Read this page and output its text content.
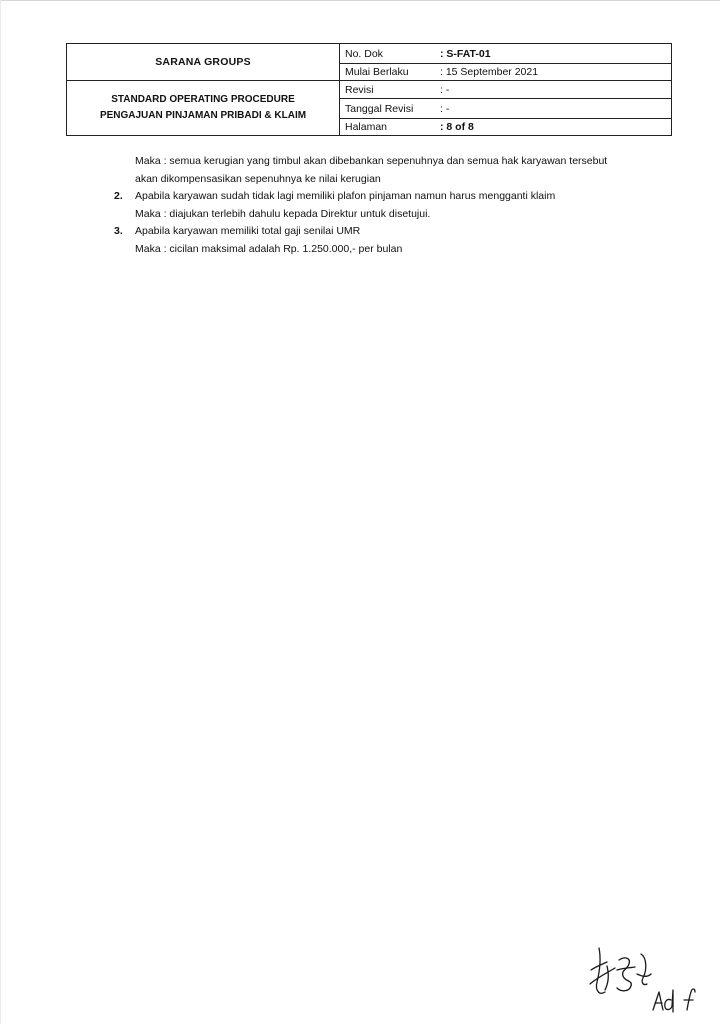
SARANA GROUPS
STANDARD OPERATING PROCEDURE
PENGAJUAN PINJAMAN PRIBADI & KLAIM
No. Dok	: S-FAT-01
Mulai Berlaku	: 15 September 2021
Revisi	: -
Tanggal Revisi	: -
Halaman	: 8 of 8
Maka : semua kerugian yang timbul akan dibebankan sepenuhnya dan semua hak karyawan tersebut
akan dikompensasikan sepenuhnya ke nilai kerugian
2. Apabila karyawan sudah tidak lagi memiliki plafon pinjaman namun harus mengganti klaim
Maka : diajukan terlebih dahulu kepada Direktur untuk disetujui.
3. Apabila karyawan memiliki total gaji senilai UMR
Maka : cicilan maksimal adalah Rp. 1.250.000,- per bulan
